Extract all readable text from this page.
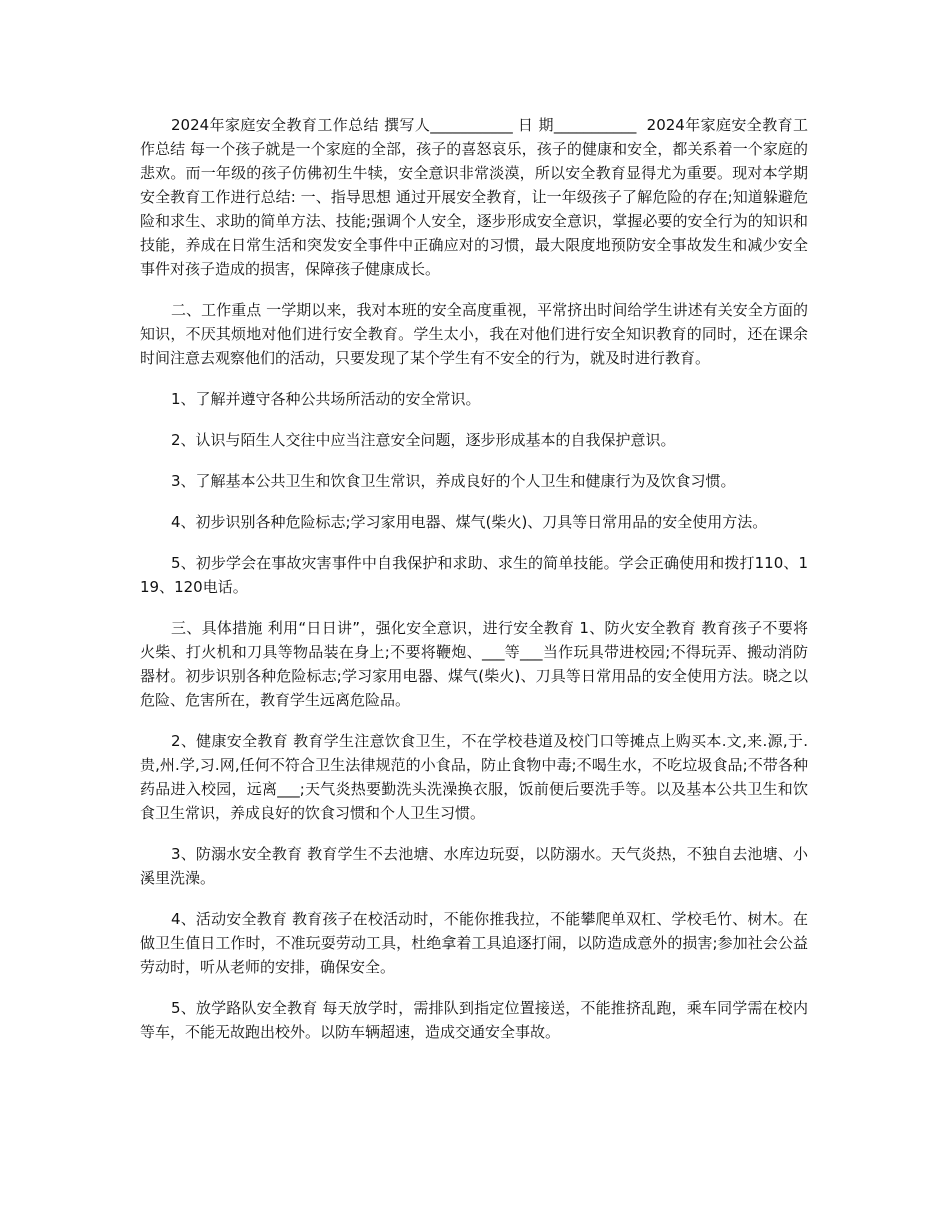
2024年家庭安全教育工作总结 撰写人___________ 日 期___________  2024年家庭安全教育工作总结 每一个孩子就是一个家庭的全部，孩子的喜怒哀乐，孩子的健康和安全，都关系着一个家庭的悲欢。而一年级的孩子仿佛初生牛犊，安全意识非常淡漠，所以安全教育显得尤为重要。现对本学期安全教育工作进行总结: 一、指导思想 通过开展安全教育，让一年级孩子了解危险的存在;知道躲避危险和求生、求助的简单方法、技能;强调个人安全，逐步形成安全意识，掌握必要的安全行为的知识和技能，养成在日常生活和突发安全事件中正确应对的习惯，最大限度地预防安全事故发生和减少安全事件对孩子造成的损害，保障孩子健康成长。

二、工作重点 一学期以来，我对本班的安全高度重视，平常挤出时间给学生讲述有关安全方面的知识，不厌其烦地对他们进行安全教育。学生太小，我在对他们进行安全知识教育的同时，还在课余时间注意去观察他们的活动，只要发现了某个学生有不安全的行为，就及时进行教育。

1、了解并遵守各种公共场所活动的安全常识。

2、认识与陌生人交往中应当注意安全问题，逐步形成基本的自我保护意识。

3、了解基本公共卫生和饮食卫生常识，养成良好的个人卫生和健康行为及饮食习惯。

4、初步识别各种危险标志;学习家用电器、煤气(柴火)、刀具等日常用品的安全使用方法。

5、初步学会在事故灾害事件中自我保护和求助、求生的简单技能。学会正确使用和拨打110、119、120电话。

三、具体措施 利用“日日讲”，强化安全意识，进行安全教育 1、防火安全教育 教育孩子不要将火柴、打火机和刀具等物品装在身上;不要将鞭炮、___等___当作玩具带进校园;不得玩弄、搬动消防器材。初步识别各种危险标志;学习家用电器、煤气(柴火)、刀具等日常用品的安全使用方法。晓之以危险、危害所在，教育学生远离危险品。

2、健康安全教育 教育学生注意饮食卫生，不在学校巷道及校门口等摊点上购买本.文,来.源,于.贵,州.学,习.网,任何不符合卫生法律规范的小食品，防止食物中毒;不喝生水，不吃垃圾食品;不带各种药品进入校园，远离___;天气炎热要勤洗头洗澡换衣服，饭前便后要洗手等。以及基本公共卫生和饮食卫生常识，养成良好的饮食习惯和个人卫生习惯。

3、防溺水安全教育 教育学生不去池塘、水库边玩耍，以防溺水。天气炎热，不独自去池塘、小溪里洗澡。

4、活动安全教育 教育孩子在校活动时，不能你推我拉，不能攀爬单双杠、学校毛竹、树木。在做卫生值日工作时，不准玩耍劳动工具，杜绝拿着工具追逐打闹，以防造成意外的损害;参加社会公益劳动时，听从老师的安排，确保安全。

5、放学路队安全教育 每天放学时，需排队到指定位置接送，不能推挤乱跑，乘车同学需在校内等车，不能无故跑出校外。以防车辆超速，造成交通安全事故。
